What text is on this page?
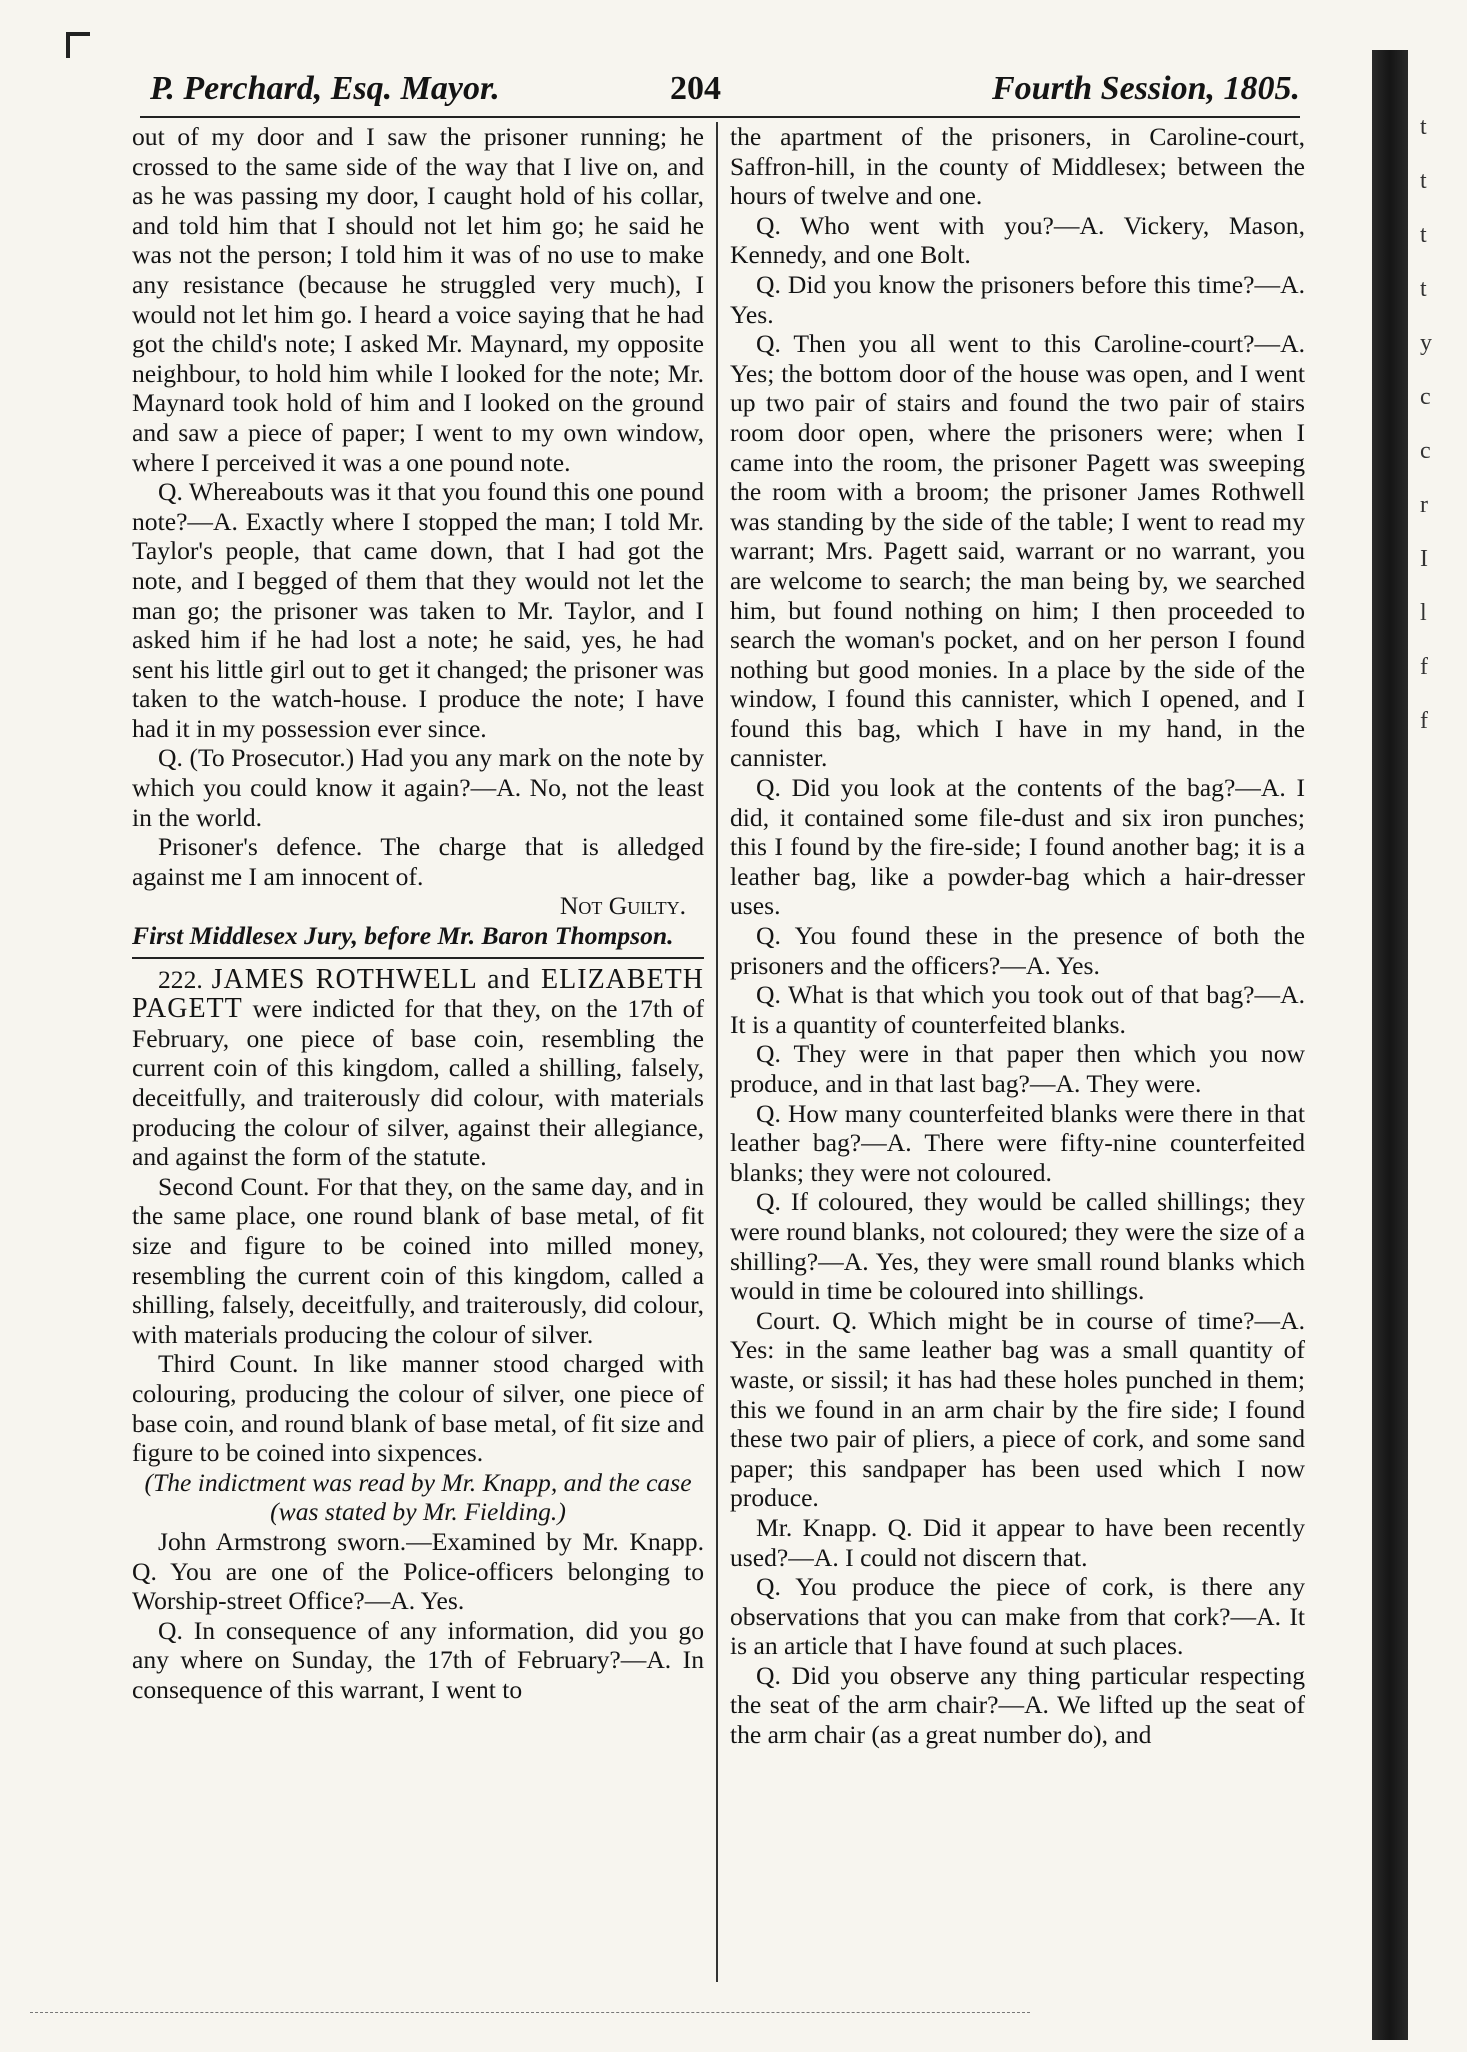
P. Perchard, Esq. Mayor.	204	Fourth Session, 1805.

out of my door and I saw the prisoner running; he crossed to the same side of the way that I live on, and as he was passing my door, I caught hold of his collar, and told him that I should not let him go; he said he was not the person; I told him it was of no use to make any resistance (because he struggled very much), I would not let him go. I heard a voice saying that he had got the child's note; I asked Mr. Maynard, my opposite neighbour, to hold him while I looked for the note; Mr. Maynard took hold of him and I looked on the ground and saw a piece of paper; I went to my own window, where I perceived it was a one pound note.

Q. Whereabouts was it that you found this one pound note?—A. Exactly where I stopped the man; I told Mr. Taylor's people, that came down, that I had got the note, and I begged of them that they would not let the man go; the prisoner was taken to Mr. Taylor, and I asked him if he had lost a note; he said, yes, he had sent his little girl out to get it changed; the prisoner was taken to the watch-house. I produce the note; I have had it in my possession ever since.

Q. (To Prosecutor.) Had you any mark on the note by which you could know it again?—A. No, not the least in the world.

Prisoner's defence. The charge that is alledged against me I am innocent of.

Not Guilty.

First Middlesex Jury, before Mr. Baron Thompson.

222. JAMES ROTHWELL and ELIZABETH PAGETT were indicted for that they, on the 17th of February, one piece of base coin, resembling the current coin of this kingdom, called a shilling, falsely, deceitfully, and traiterously did colour, with materials producing the colour of silver, against their allegiance, and against the form of the statute.

Second Count. For that they, on the same day, and in the same place, one round blank of base metal, of fit size and figure to be coined into milled money, resembling the current coin of this kingdom, called a shilling, falsely, deceitfully, and traiterously, did colour, with materials producing the colour of silver.

Third Count. In like manner stood charged with colouring, producing the colour of silver, one piece of base coin, and round blank of base metal, of fit size and figure to be coined into sixpences.

(The indictment was read by Mr. Knapp, and the case (was stated by Mr. Fielding.)

John Armstrong sworn.—Examined by Mr. Knapp. Q. You are one of the Police-officers belonging to Worship-street Office?—A. Yes.

Q. In consequence of any information, did you go any where on Sunday, the 17th of February?—A. In consequence of this warrant, I went to

the apartment of the prisoners, in Caroline-court, Saffron-hill, in the county of Middlesex; between the hours of twelve and one.

Q. Who went with you?—A. Vickery, Mason, Kennedy, and one Bolt.

Q. Did you know the prisoners before this time?—A. Yes.

Q. Then you all went to this Caroline-court?—A. Yes; the bottom door of the house was open, and I went up two pair of stairs and found the two pair of stairs room door open, where the prisoners were; when I came into the room, the prisoner Pagett was sweeping the room with a broom; the prisoner James Rothwell was standing by the side of the table; I went to read my warrant; Mrs. Pagett said, warrant or no warrant, you are welcome to search; the man being by, we searched him, but found nothing on him; I then proceeded to search the woman's pocket, and on her person I found nothing but good monies. In a place by the side of the window, I found this cannister, which I opened, and I found this bag, which I have in my hand, in the cannister.

Q. Did you look at the contents of the bag?—A. I did, it contained some file-dust and six iron punches; this I found by the fire-side; I found another bag; it is a leather bag, like a powder-bag which a hair-dresser uses.

Q. You found these in the presence of both the prisoners and the officers?—A. Yes.

Q. What is that which you took out of that bag?—A. It is a quantity of counterfeited blanks.

Q. They were in that paper then which you now produce, and in that last bag?—A. They were.

Q. How many counterfeited blanks were there in that leather bag?—A. There were fifty-nine counterfeited blanks; they were not coloured.

Q. If coloured, they would be called shillings; they were round blanks, not coloured; they were the size of a shilling?—A. Yes, they were small round blanks which would in time be coloured into shillings.

Court. Q. Which might be in course of time?—A. Yes: in the same leather bag was a small quantity of waste, or sissil; it has had these holes punched in them; this we found in an arm chair by the fire side; I found these two pair of pliers, a piece of cork, and some sand paper; this sandpaper has been used which I now produce.

Mr. Knapp. Q. Did it appear to have been recently used?—A. I could not discern that.

Q. You produce the piece of cork, is there any observations that you can make from that cork?—A. It is an article that I have found at such places.

Q. Did you observe any thing particular respecting the seat of the arm chair?—A. We lifted up the seat of the arm chair (as a great number do), and

t
t
t
t
y
c
c
r
I
l
f
f
